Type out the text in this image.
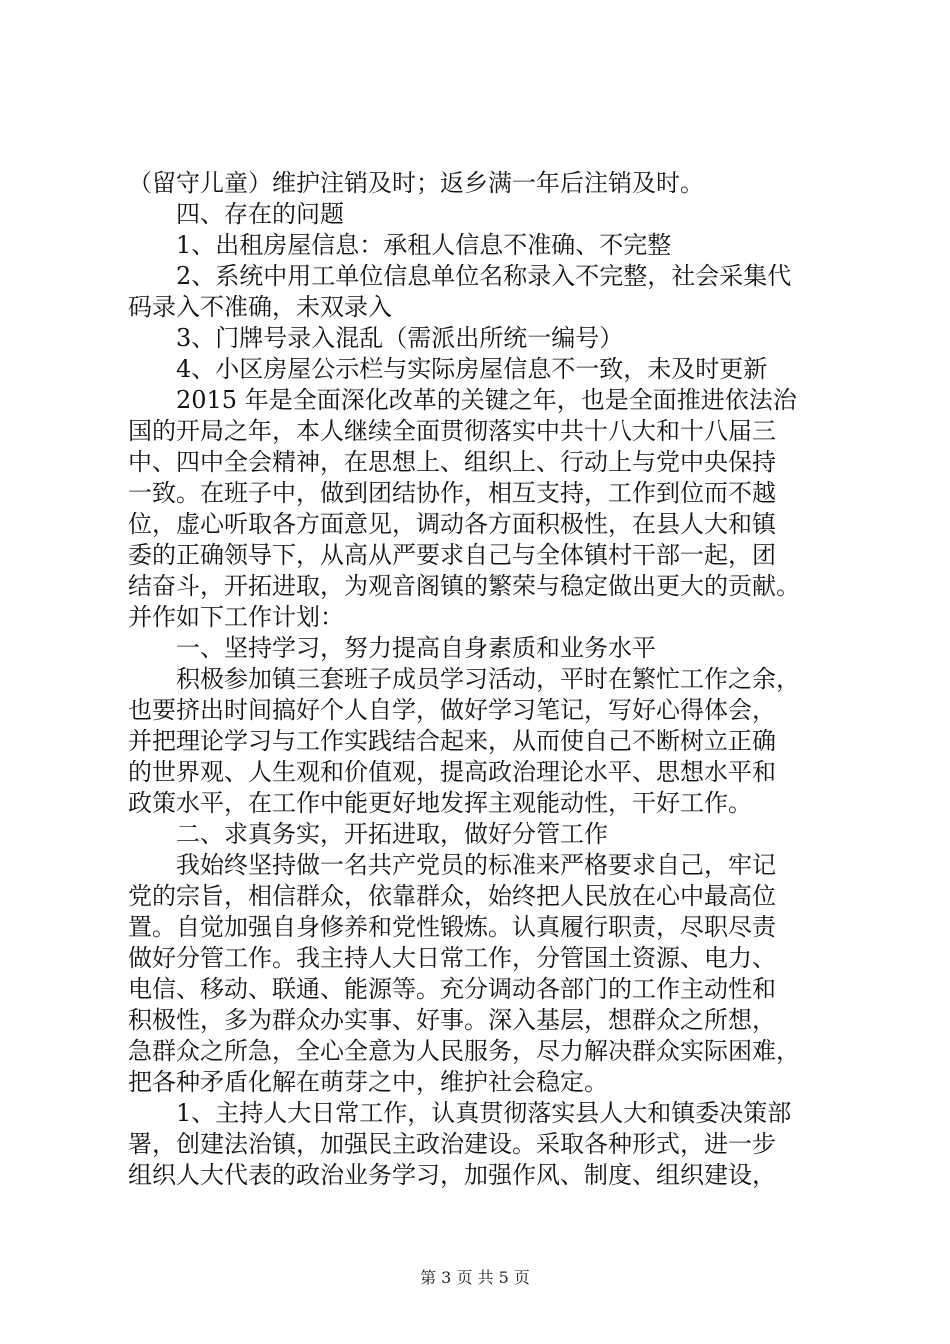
（留守儿童）维护注销及时；返乡满一年后注销及时。
四、存在的问题
1、出租房屋信息：承租人信息不准确、不完整
2、系统中用工单位信息单位名称录入不完整，社会采集代
码录入不准确，未双录入
3、门牌号录入混乱（需派出所统一编号）
4、小区房屋公示栏与实际房屋信息不一致，未及时更新
2015 年是全面深化改革的关键之年，也是全面推进依法治
国的开局之年，本人继续全面贯彻落实中共十八大和十八届三
中、四中全会精神，在思想上、组织上、行动上与党中央保持
一致。在班子中，做到团结协作，相互支持，工作到位而不越
位，虚心听取各方面意见，调动各方面积极性，在县人大和镇
委的正确领导下，从高从严要求自己与全体镇村干部一起，团
结奋斗，开拓进取，为观音阁镇的繁荣与稳定做出更大的贡献。
并作如下工作计划：
一、坚持学习，努力提高自身素质和业务水平
积极参加镇三套班子成员学习活动，平时在繁忙工作之余，
也要挤出时间搞好个人自学，做好学习笔记，写好心得体会，
并把理论学习与工作实践结合起来，从而使自己不断树立正确
的世界观、人生观和价值观，提高政治理论水平、思想水平和
政策水平，在工作中能更好地发挥主观能动性，干好工作。
二、求真务实，开拓进取，做好分管工作
我始终坚持做一名共产党员的标准来严格要求自己，牢记
党的宗旨，相信群众，依靠群众，始终把人民放在心中最高位
置。自觉加强自身修养和党性锻炼。认真履行职责，尽职尽责
做好分管工作。我主持人大日常工作，分管国土资源、电力、
电信、移动、联通、能源等。充分调动各部门的工作主动性和
积极性，多为群众办实事、好事。深入基层，想群众之所想，
急群众之所急，全心全意为人民服务，尽力解决群众实际困难，
把各种矛盾化解在萌芽之中，维护社会稳定。
1、主持人大日常工作，认真贯彻落实县人大和镇委决策部
署，创建法治镇，加强民主政治建设。采取各种形式，进一步
组织人大代表的政治业务学习，加强作风、制度、组织建设，
第 3 页 共 5 页
